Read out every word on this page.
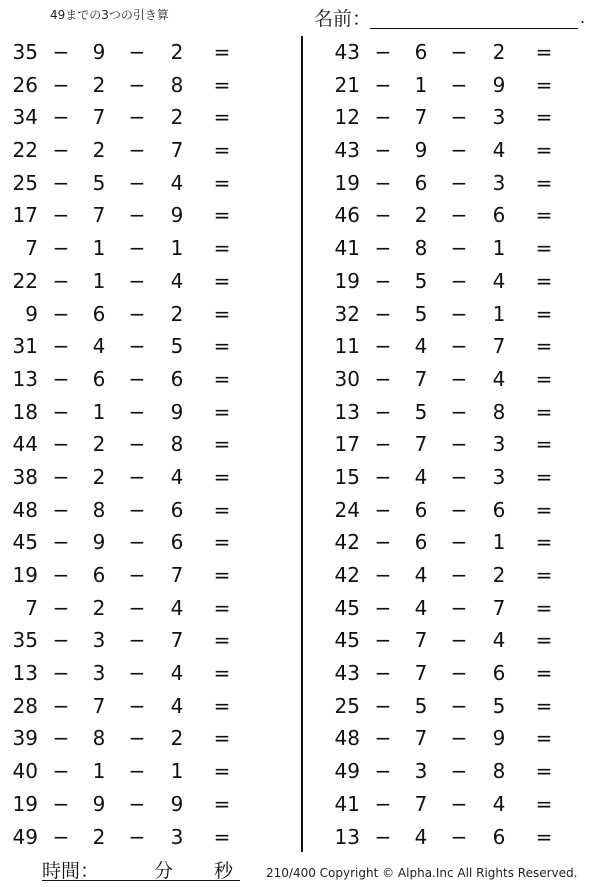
49までの3つの引き算	名前：	.
35 −	9	−	2	=
26 −	2	−	8	=
34 −	7	−	2	=
22 −	2	−	7	=
25 −	5	−	4	=
17 −	7	−	9	=
7 −	1	−	1	=
22 −	1	−	4	=
9 −	6	−	2	=
31 −	4	−	5	=
13 −	6	−	6	=
18 −	1	−	9	=
44 −	2	−	8	=
38 −	2	−	4	=
48 −	8	−	6	=
45 −	9	−	6	=
19 −	6	−	7	=
7 −	2	−	4	=
35 −	3	−	7	=
13 −	3	−	4	=
28 −	7	−	4	=
39 −	8	−	2	=
40 −	1	−	1	=
19 −	9	−	9	=
49 −	2	−	3	=
43 −	6	−	2	=
21 −	1	−	9	=
12 −	7	−	3	=
43 −	9	−	4	=
19 −	6	−	3	=
46 −	2	−	6	=
41 −	8	−	1	=
19 −	5	−	4	=
32 −	5	−	1	=
11 −	4	−	7	=
30 −	7	−	4	=
13 −	5	−	8	=
17 −	7	−	3	=
15 −	4	−	3	=
24 −	6	−	6	=
42 −	6	−	1	=
42 −	4	−	2	=
45 −	4	−	7	=
45 −	7	−	4	=
43 −	7	−	6	=
25 −	5	−	5	=
48 −	7	−	9	=
49 −	3	−	8	=
41 −	7	−	4	=
13 −	4	−	6	=
時間：	分 秒	210/400 Copyright © Alpha.Inc All Rights Reserved.
